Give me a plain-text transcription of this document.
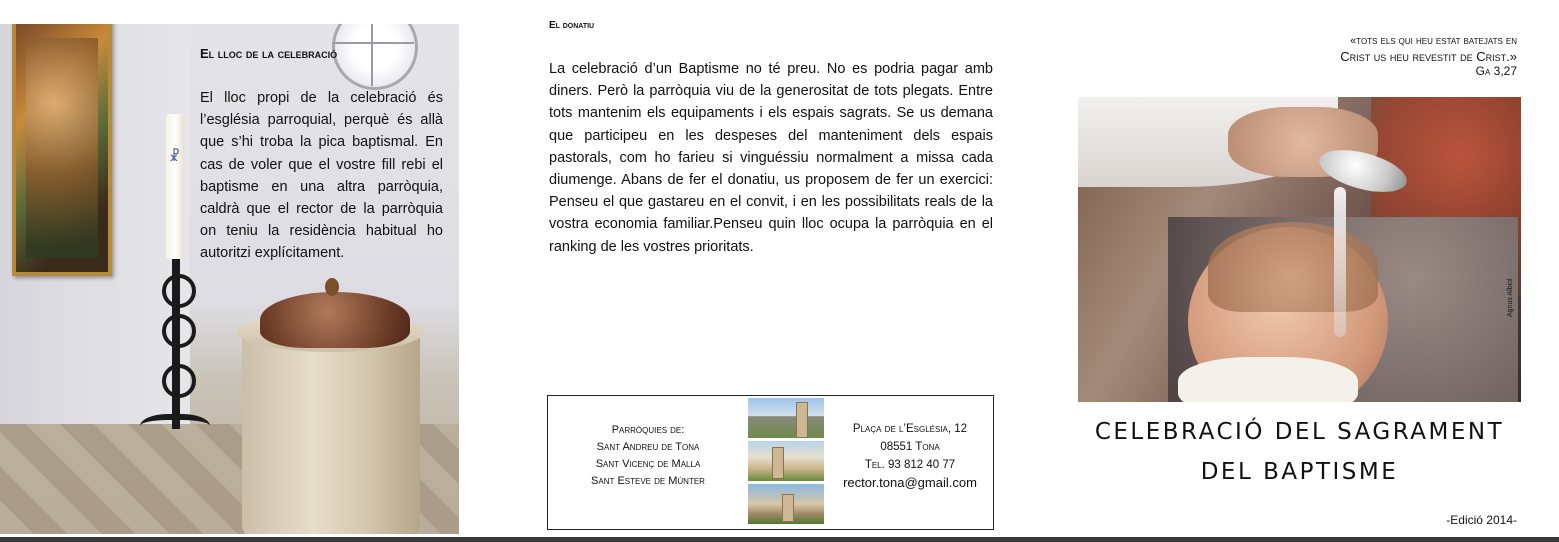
☧
El lloc de la celebració
El lloc propi de la celebració és l’església parroquial, perquè és allà que s’hi troba la pica baptismal. En cas de voler que el vostre fill rebi el baptisme en una altra parròquia, caldrà que el rector de la parròquia on teniu la residència habitual ho autoritzi explícitament.
El donatiu
La celebració d’un Baptisme no té preu. No es podria pagar amb diners. Però la parròquia viu de la generositat de tots plegats. Entre tots mantenim els equipaments i els espais sagrats. Se us demana que participeu en les despeses del manteniment dels espais pastorals, com ho farieu si vinguéssiu normalment a missa cada diumenge. Abans de fer el donatiu, us proposem de fer un exercici: Penseu el que gastareu en el convit, i en les possibilitats reals de la vostra economia familiar.Penseu quin lloc ocupa la parròquia en el ranking de les vostres prioritats.
Parròquies de:
Sant Andreu de Tona
Sant Vicenç de Malla
Sant Esteve de Múnter
Plaça de l’Església, 12
08551 Tona
Tel. 93 812 40 77
rector.tona@gmail.com
«tots els qui heu estat batejats en
Crist us heu revestit de Crist.»
Ga 3,27
Agnus Albiol
CELEBRACIÓ DEL SAGRAMENT
DEL BAPTISME
-Edició 2014-
